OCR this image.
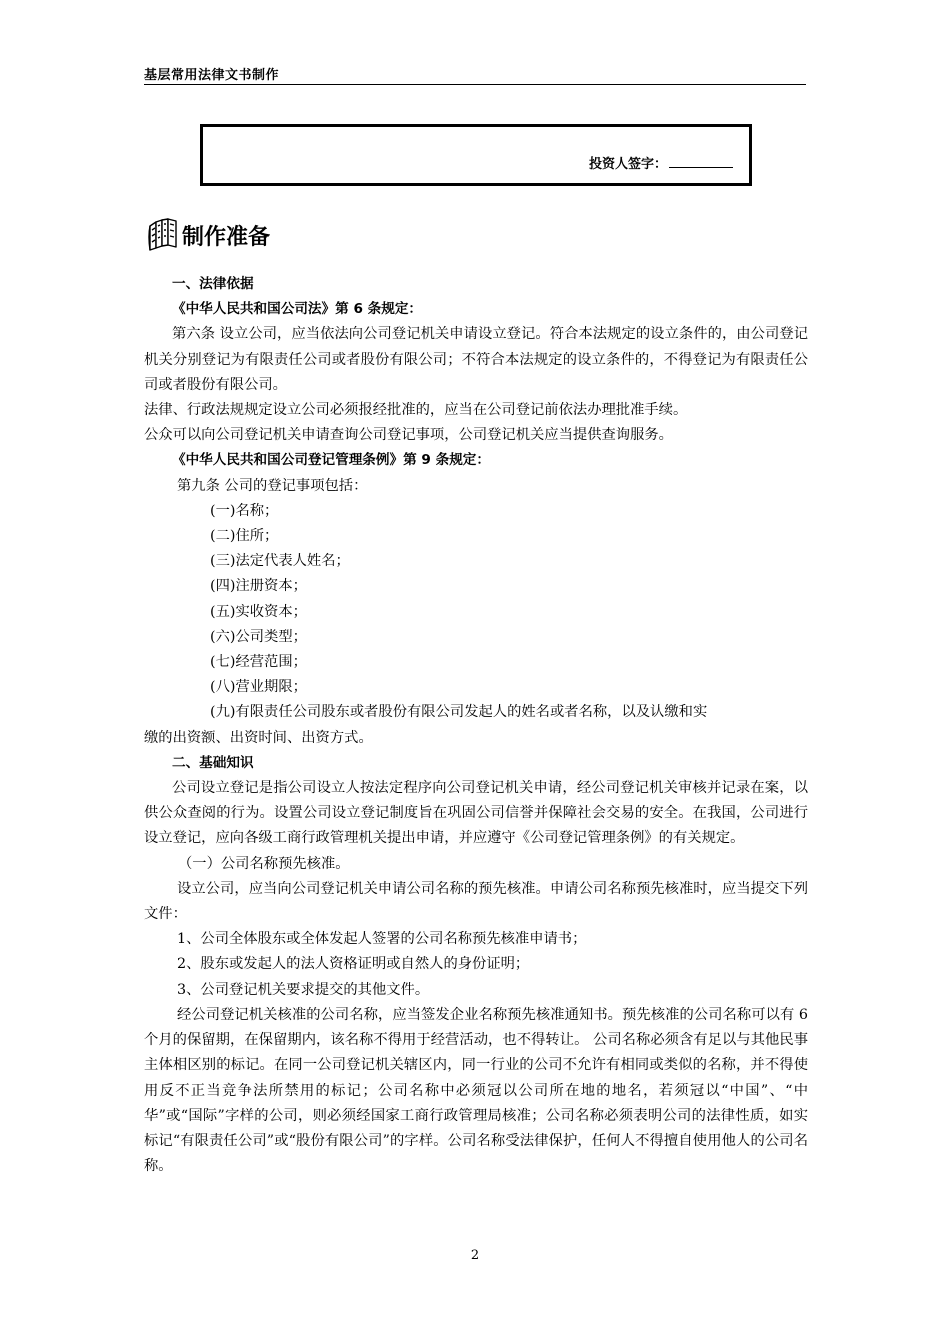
基层常用法律文书制作
投资人签字：
制作准备

一、法律依据

《中华人民共和国公司法》第 6 条规定：

第六条 设立公司，应当依法向公司登记机关申请设立登记。符合本法规定的设立条件的，由公司登记机关分别登记为有限责任公司或者股份有限公司；不符合本法规定的设立条件的，不得登记为有限责任公司或者股份有限公司。

法律、行政法规规定设立公司必须报经批准的，应当在公司登记前依法办理批准手续。

公众可以向公司登记机关申请查询公司登记事项，公司登记机关应当提供查询服务。

《中华人民共和国公司登记管理条例》第 9 条规定：

第九条 公司的登记事项包括：

(一)名称；

(二)住所；

(三)法定代表人姓名；

(四)注册资本；

(五)实收资本；

(六)公司类型；

(七)经营范围；

(八)营业期限；

(九)有限责任公司股东或者股份有限公司发起人的姓名或者名称，以及认缴和实

缴的出资额、出资时间、出资方式。

二、基础知识

公司设立登记是指公司设立人按法定程序向公司登记机关申请，经公司登记机关审核并记录在案，以供公众查阅的行为。设置公司设立登记制度旨在巩固公司信誉并保障社会交易的安全。在我国，公司进行设立登记，应向各级工商行政管理机关提出申请，并应遵守《公司登记管理条例》的有关规定。

（一）公司名称预先核准。

设立公司，应当向公司登记机关申请公司名称的预先核准。申请公司名称预先核准时，应当提交下列文件：

1、公司全体股东或全体发起人签署的公司名称预先核准申请书；

2、股东或发起人的法人资格证明或自然人的身份证明；

3、公司登记机关要求提交的其他文件。

经公司登记机关核准的公司名称，应当签发企业名称预先核准通知书。预先核准的公司名称可以有 6 个月的保留期，在保留期内，该名称不得用于经营活动，也不得转让。 公司名称必须含有足以与其他民事主体相区别的标记。在同一公司登记机关辖区内，同一行业的公司不允许有相同或类似的名称，并不得使用反不正当竞争法所禁用的标记；公司名称中必须冠以公司所在地的地名，若须冠以“中国”、“中华”或“国际”字样的公司，则必须经国家工商行政管理局核准；公司名称必须表明公司的法律性质，如实标记“有限责任公司”或“股份有限公司”的字样。公司名称受法律保护，任何人不得擅自使用他人的公司名称。

2
